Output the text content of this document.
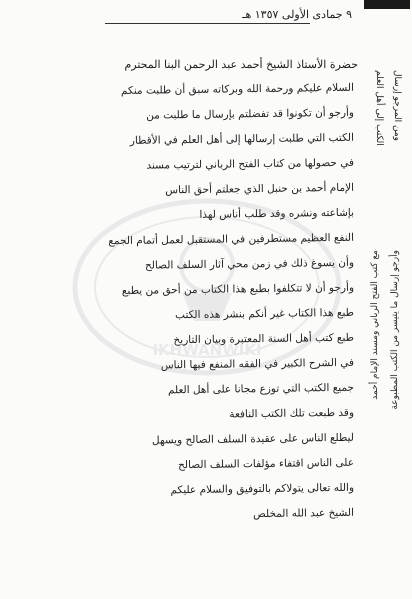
٩ جمادى الأولى ١٣٥٧ هـ
حضرة الأستاذ الشيخ أحمد عبد الرحمن البنا المحترم
السلام عليكم ورحمة الله وبركاته سبق أن طلبت منكم
وأرجو أن تكونوا قد تفضلتم بإرسال ما طلبت من
الكتب التي طلبت إرسالها إلى أهل العلم في الأقطار
في حصولها من كتاب الفتح الرباني لترتيب مسند
الإمام أحمد بن حنبل الذي جعلتم أحق الناس
بإشاعته ونشره وقد طلب أناس لهذا
النفع العظيم مستطرفين في المستقبل لعمل أتمام الجمع
وأن يسوغ ذلك في زمن محي آثار السلف الصالح
وأرجو أن لا تتكلفوا بطبع هذا الكتاب من أحق من يطبع
طبع هذا الكتاب غير أنكم بنشر هذه الكتب
طبع كتب أهل السنة المعتبرة وبيان التاريخ
في الشرح الكبير في الفقه المنفع فيها الناس
جميع الكتب التي توزع مجانا على أهل العلم
وقد طبعت تلك الكتب النافعة
ليطلع الناس على عقيدة السلف الصالح ويسهل
على الناس اقتفاء مؤلفات السلف الصالح
والله تعالى يتولاكم بالتوفيق والسلام عليكم
الشيخ عبد الله المخلص
ومن المرجو إرسال
الكتب إلى أهل العلم
وأرجو إرسال ما يتيسر من الكتب المطبوعة
مع كتب الفتح الرباني ومسند الإمام أحمد
IKHWANWIKI
